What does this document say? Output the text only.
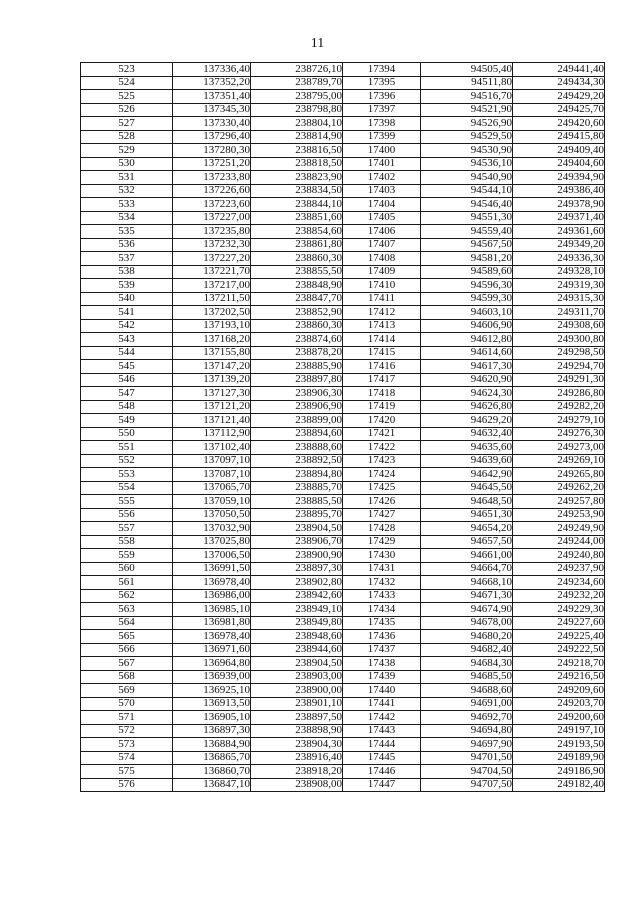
11
523	137336,40	238726,10	17394	94505,40	249441,40
524	137352,20	238789,70	17395	94511,80	249434,30
525	137351,40	238795,00	17396	94516,70	249429,20
526	137345,30	238798,80	17397	94521,90	249425,70
527	137330,40	238804,10	17398	94526,90	249420,60
528	137296,40	238814,90	17399	94529,50	249415,80
529	137280,30	238816,50	17400	94530,90	249409,40
530	137251,20	238818,50	17401	94536,10	249404,60
531	137233,80	238823,90	17402	94540,90	249394,90
532	137226,60	238834,50	17403	94544,10	249386,40
533	137223,60	238844,10	17404	94546,40	249378,90
534	137227,00	238851,60	17405	94551,30	249371,40
535	137235,80	238854,60	17406	94559,40	249361,60
536	137232,30	238861,80	17407	94567,50	249349,20
537	137227,20	238860,30	17408	94581,20	249336,30
538	137221,70	238855,50	17409	94589,60	249328,10
539	137217,00	238848,90	17410	94596,30	249319,30
540	137211,50	238847,70	17411	94599,30	249315,30
541	137202,50	238852,90	17412	94603,10	249311,70
542	137193,10	238860,30	17413	94606,90	249308,60
543	137168,20	238874,60	17414	94612,80	249300,80
544	137155,80	238878,20	17415	94614,60	249298,50
545	137147,20	238885,90	17416	94617,30	249294,70
546	137139,20	238897,80	17417	94620,90	249291,30
547	137127,30	238906,30	17418	94624,30	249286,80
548	137121,20	238906,90	17419	94626,80	249282,20
549	137121,40	238899,00	17420	94629,20	249279,10
550	137112,90	238894,60	17421	94632,40	249276,30
551	137102,40	238888,60	17422	94635,60	249273,00
552	137097,10	238892,50	17423	94639,60	249269,10
553	137087,10	238894,80	17424	94642,90	249265,80
554	137065,70	238885,70	17425	94645,50	249262,20
555	137059,10	238885,50	17426	94648,50	249257,80
556	137050,50	238895,70	17427	94651,30	249253,90
557	137032,90	238904,50	17428	94654,20	249249,90
558	137025,80	238906,70	17429	94657,50	249244,00
559	137006,50	238900,90	17430	94661,00	249240,80
560	136991,50	238897,30	17431	94664,70	249237,90
561	136978,40	238902,80	17432	94668,10	249234,60
562	136986,00	238942,60	17433	94671,30	249232,20
563	136985,10	238949,10	17434	94674,90	249229,30
564	136981,80	238949,80	17435	94678,00	249227,60
565	136978,40	238948,60	17436	94680,20	249225,40
566	136971,60	238944,60	17437	94682,40	249222,50
567	136964,80	238904,50	17438	94684,30	249218,70
568	136939,00	238903,00	17439	94685,50	249216,50
569	136925,10	238900,00	17440	94688,60	249209,60
570	136913,50	238901,10	17441	94691,00	249203,70
571	136905,10	238897,50	17442	94692,70	249200,60
572	136897,30	238898,90	17443	94694,80	249197,10
573	136884,90	238904,30	17444	94697,90	249193,50
574	136865,70	238916,40	17445	94701,50	249189,90
575	136860,70	238918,20	17446	94704,50	249186,90
576	136847,10	238908,00	17447	94707,50	249182,40
